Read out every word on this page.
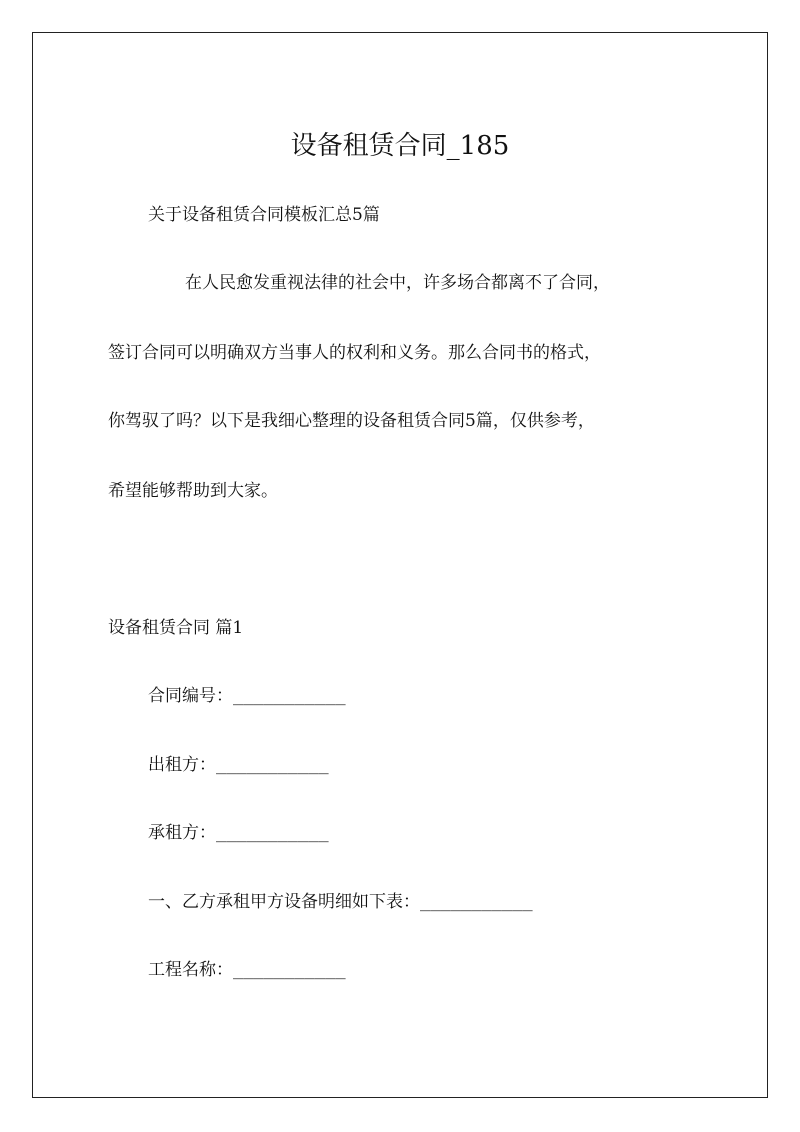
设备租赁合同_185
关于设备租赁合同模板汇总5篇
在人民愈发重视法律的社会中，许多场合都离不了合同，
签订合同可以明确双方当事人的权利和义务。那么合同书的格式，
你驾驭了吗？以下是我细心整理的设备租赁合同5篇，仅供参考，
希望能够帮助到大家。
设备租赁合同 篇1
合同编号：___________
出租方：___________
承租方：___________
一、乙方承租甲方设备明细如下表：___________
工程名称：___________
